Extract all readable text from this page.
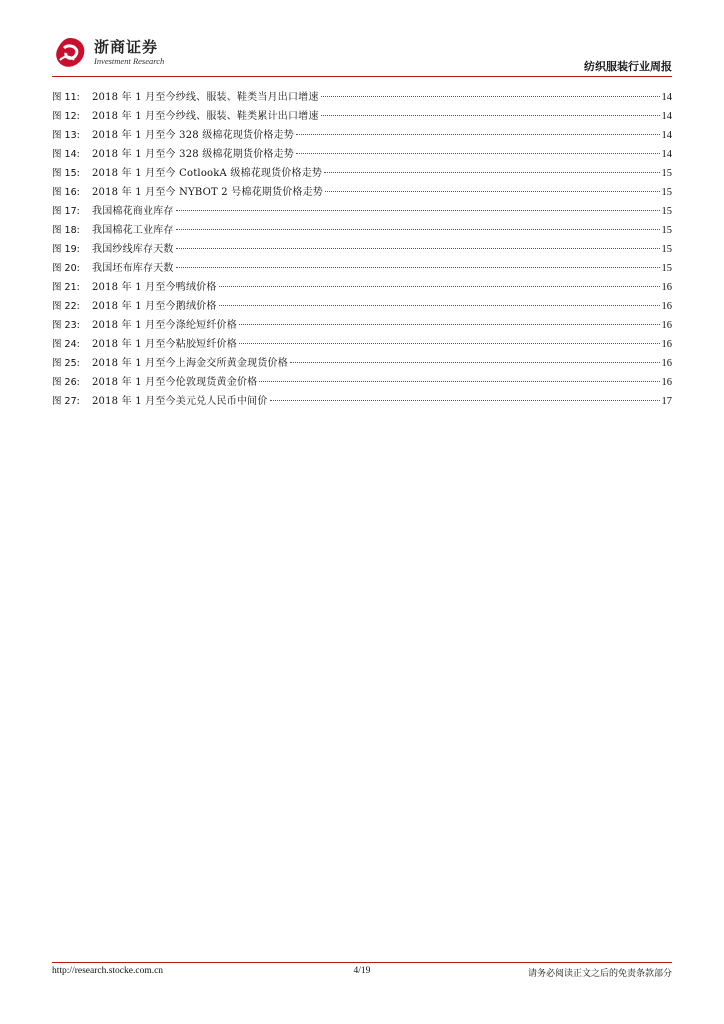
浙商证券
Investment Research	纺织服装行业周报
图 11:	2018 年 1 月至今纱线、服装、鞋类当月出口增速	14
图 12:	2018 年 1 月至今纱线、服装、鞋类累计出口增速	14
图 13:	2018 年 1 月至今 328 级棉花现货价格走势	14
图 14:	2018 年 1 月至今 328 级棉花期货价格走势	14
图 15:	2018 年 1 月至今 CotlookA 级棉花现货价格走势	15
图 16:	2018 年 1 月至今 NYBOT 2 号棉花期货价格走势	15
图 17:	我国棉花商业库存	15
图 18:	我国棉花工业库存	15
图 19:	我国纱线库存天数	15
图 20:	我国坯布库存天数	15
图 21:	2018 年 1 月至今鸭绒价格	16
图 22:	2018 年 1 月至今鹅绒价格	16
图 23:	2018 年 1 月至今涤纶短纤价格	16
图 24:	2018 年 1 月至今粘胶短纤价格	16
图 25:	2018 年 1 月至今上海金交所黄金现货价格	16
图 26:	2018 年 1 月至今伦敦现货黄金价格	16
图 27:	2018 年 1 月至今美元兑人民币中间价	17
http://research.stocke.com.cn	4/19	请务必阅读正文之后的免责条款部分
